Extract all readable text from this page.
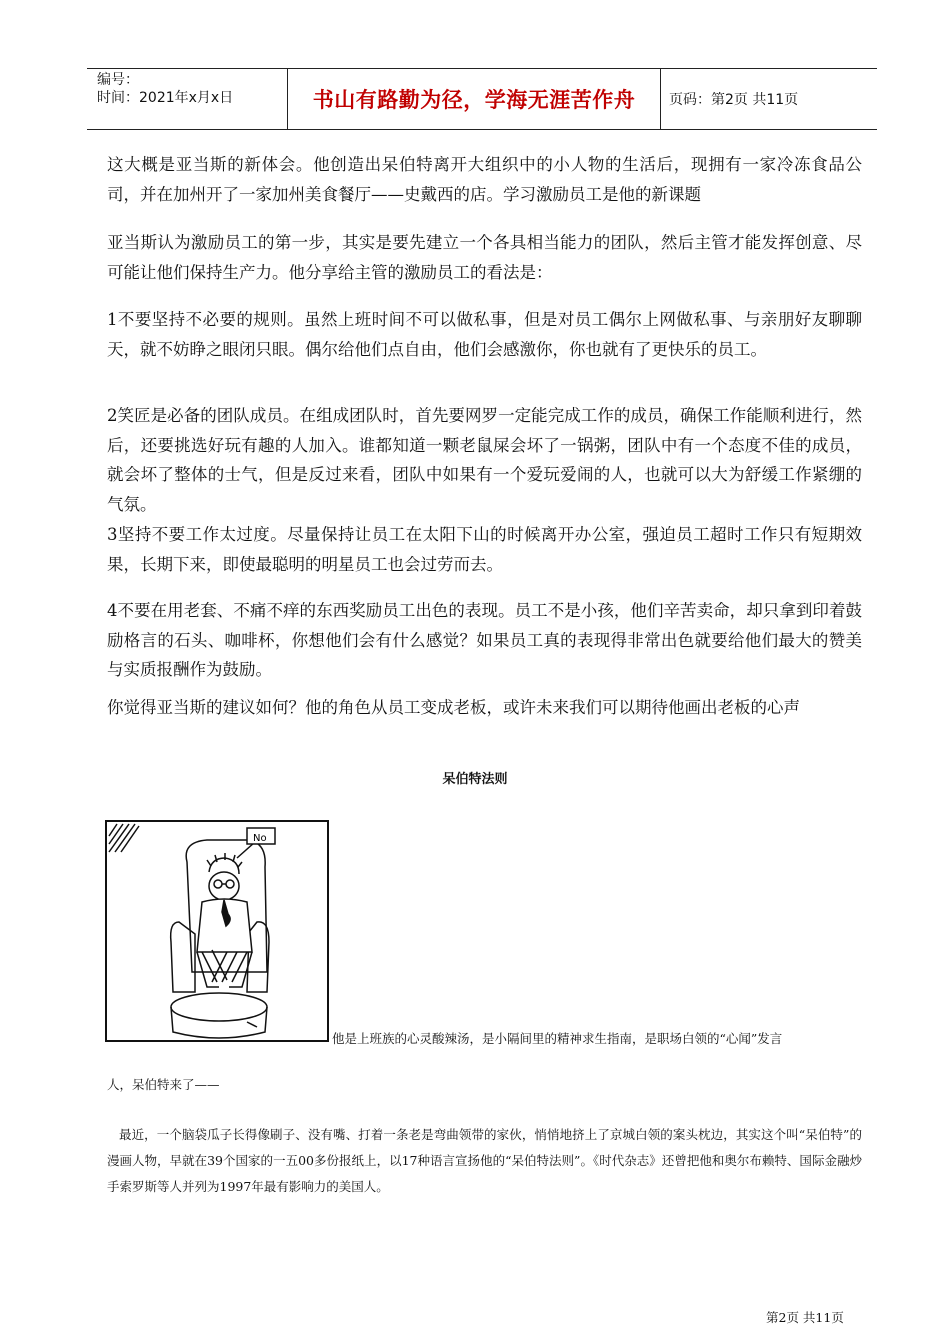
编号：
时间：2021年x月x日	书山有路勤为径，学海无涯苦作舟	页码：第2页 共11页

这大概是亚当斯的新体会。他创造出呆伯特离开大组织中的小人物的生活后，现拥有一家冷冻食品公司，并在加州开了一家加州美食餐厅——史戴西的店。学习激励员工是他的新课题

亚当斯认为激励员工的第一步，其实是要先建立一个各具相当能力的团队，然后主管才能发挥创意、尽可能让他们保持生产力。他分享给主管的激励员工的看法是：

1不要坚持不必要的规则。虽然上班时间不可以做私事，但是对员工偶尔上网做私事、与亲朋好友聊聊天，就不妨睁之眼闭只眼。偶尔给他们点自由，他们会感激你，你也就有了更快乐的员工。

2笑匠是必备的团队成员。在组成团队时，首先要网罗一定能完成工作的成员，确保工作能顺利进行，然后，还要挑选好玩有趣的人加入。谁都知道一颗老鼠屎会坏了一锅粥，团队中有一个态度不佳的成员，就会坏了整体的士气，但是反过来看，团队中如果有一个爱玩爱闹的人，也就可以大为舒缓工作紧绷的气氛。

3坚持不要工作太过度。尽量保持让员工在太阳下山的时候离开办公室，强迫员工超时工作只有短期效果，长期下来，即使最聪明的明星员工也会过劳而去。

4不要在用老套、不痛不痒的东西奖励员工出色的表现。员工不是小孩，他们辛苦卖命，却只拿到印着鼓励格言的石头、咖啡杯，你想他们会有什么感觉？如果员工真的表现得非常出色就要给他们最大的赞美与实质报酬作为鼓励。

你觉得亚当斯的建议如何？他的角色从员工变成老板，或许未来我们可以期待他画出老板的心声

呆伯特法则
No
他是上班族的心灵酸辣汤，是小隔间里的精神求生指南，是职场白领的“心闻”发言
人，呆伯特来了——

最近，一个脑袋瓜子长得像刷子、没有嘴、打着一条老是弯曲领带的家伙，悄悄地挤上了京城白领的案头枕边，其实这个叫“呆伯特”的漫画人物，早就在39个国家的一五00多份报纸上，以17种语言宣扬他的“呆伯特法则”。《时代杂志》还曾把他和奥尔布赖特、国际金融炒手索罗斯等人并列为1997年最有影响力的美国人。

第2页 共11页
